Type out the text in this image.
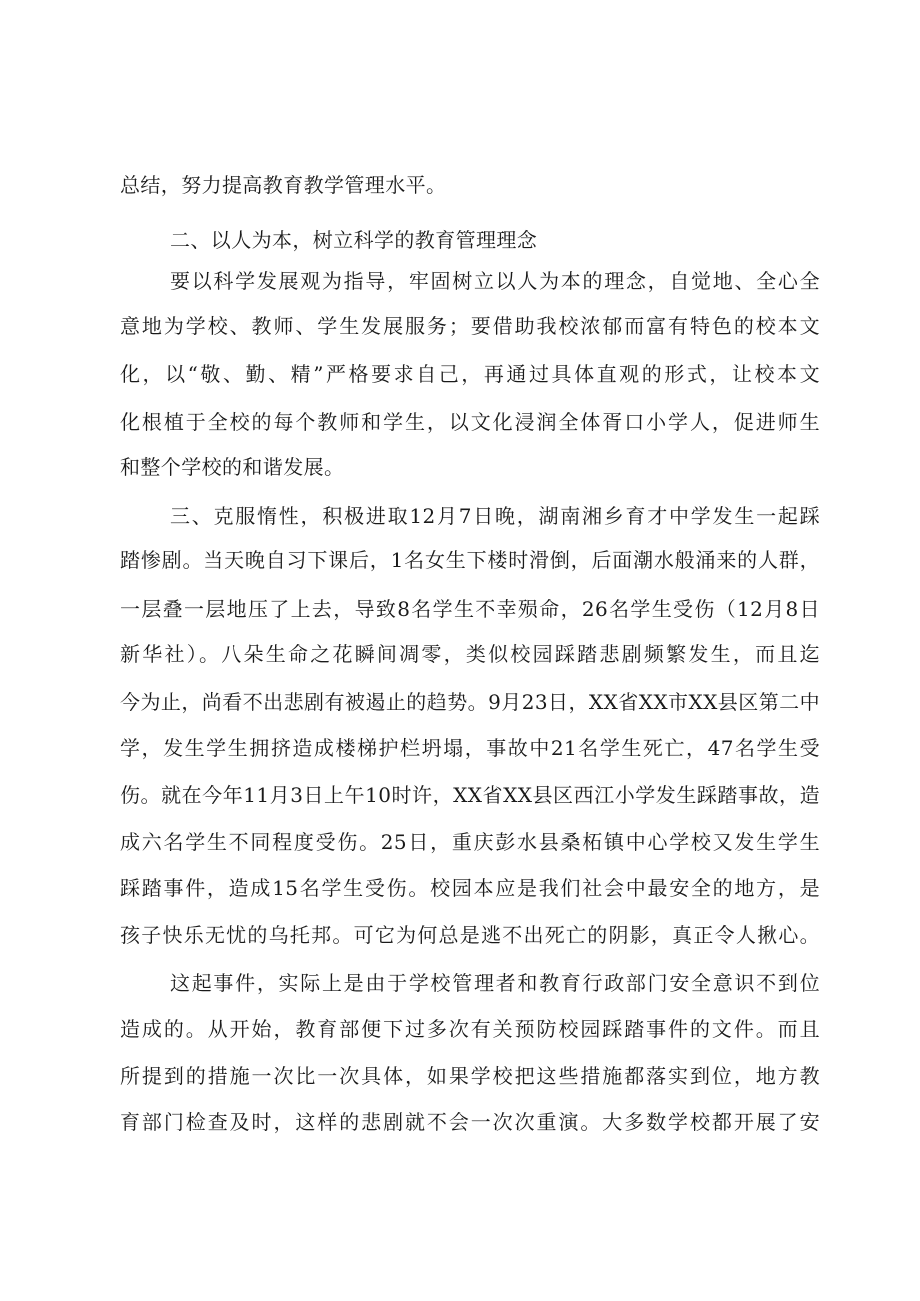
总结，努力提高教育教学管理水平。
二、以人为本，树立科学的教育管理理念
要以科学发展观为指导，牢固树立以人为本的理念，自觉地、全心全
意地为学校、教师、学生发展服务；要借助我校浓郁而富有特色的校本文
化，以“敬、勤、精”严格要求自己，再通过具体直观的形式，让校本文
化根植于全校的每个教师和学生，以文化浸润全体胥口小学人，促进师生
和整个学校的和谐发展。
三、克服惰性，积极进取12月7日晚，湖南湘乡育才中学发生一起踩
踏惨剧。当天晚自习下课后，1名女生下楼时滑倒，后面潮水般涌来的人群，
一层叠一层地压了上去，导致8名学生不幸殒命，26名学生受伤（12月8日
新华社）。八朵生命之花瞬间凋零，类似校园踩踏悲剧频繁发生，而且迄
今为止，尚看不出悲剧有被遏止的趋势。9月23日，XX省XX市XX县区第二中
学，发生学生拥挤造成楼梯护栏坍塌，事故中21名学生死亡，47名学生受
伤。就在今年11月3日上午10时许，XX省XX县区西江小学发生踩踏事故，造
成六名学生不同程度受伤。25日，重庆彭水县桑柘镇中心学校又发生学生
踩踏事件，造成15名学生受伤。校园本应是我们社会中最安全的地方，是
孩子快乐无忧的乌托邦。可它为何总是逃不出死亡的阴影，真正令人揪心。
这起事件，实际上是由于学校管理者和教育行政部门安全意识不到位
造成的。从开始，教育部便下过多次有关预防校园踩踏事件的文件。而且
所提到的措施一次比一次具体，如果学校把这些措施都落实到位，地方教
育部门检查及时，这样的悲剧就不会一次次重演。大多数学校都开展了安
